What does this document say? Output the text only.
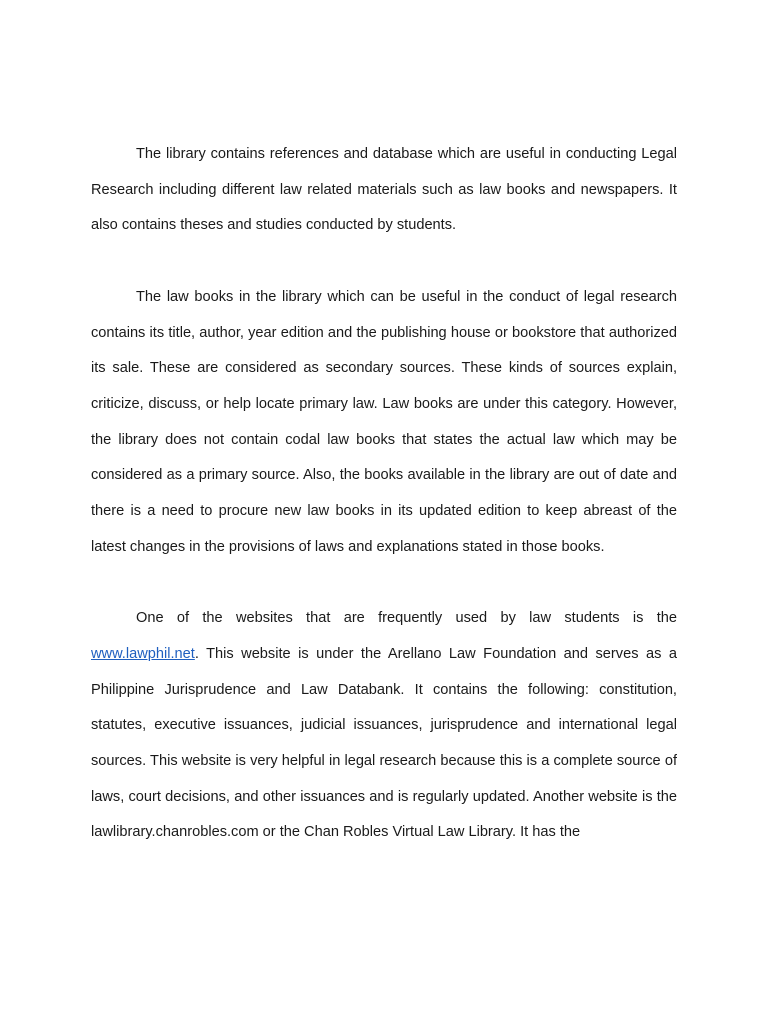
The library contains references and database which are useful in conducting Legal Research including different law related materials such as law books and newspapers. It also contains theses and studies conducted by students.

The law books in the library which can be useful in the conduct of legal research contains its title, author, year edition and the publishing house or bookstore that authorized its sale. These are considered as secondary sources. These kinds of sources explain, criticize, discuss, or help locate primary law. Law books are under this category. However, the library does not contain codal law books that states the actual law which may be considered as a primary source. Also, the books available in the library are out of date and there is a need to procure new law books in its updated edition to keep abreast of the latest changes in the provisions of laws and explanations stated in those books.

One of the websites that are frequently used by law students is the www.lawphil.net. This website is under the Arellano Law Foundation and serves as a Philippine Jurisprudence and Law Databank. It contains the following: constitution, statutes, executive issuances, judicial issuances, jurisprudence and international legal sources. This website is very helpful in legal research because this is a complete source of laws, court decisions, and other issuances and is regularly updated. Another website is the lawlibrary.chanrobles.com or the Chan Robles Virtual Law Library. It has the
